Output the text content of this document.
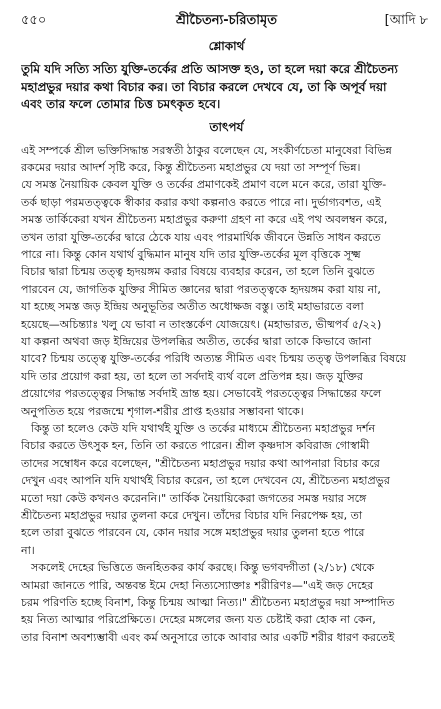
৫৫০	শ্রীচৈতন্য-চরিতামৃত	[আদি ৮
শ্লোকার্থ
তুমি যদি সত্যি সত্যি যুক্তি-তর্কের প্রতি আসক্ত হও, তা হলে দয়া করে শ্রীচৈতন্য
মহাপ্রভুর দয়ার কথা বিচার কর। তা বিচার করলে দেখবে যে, তা কি অপূর্ব দয়া
এবং তার ফলে তোমার চিত্ত চমৎকৃত হবে।
তাৎপর্য
এই সম্পর্কে শ্রীল ভক্তিসিদ্ধান্ত সরস্বতী ঠাকুর বলেছেন যে, সংকীর্ণচেতা মানুষেরা বিভিন্ন
রকমের দয়ার আদর্শ সৃষ্টি করে, কিন্তু শ্রীচৈতন্য মহাপ্রভুর যে দয়া তা সম্পূর্ণ ভিন্ন।
যে সমস্ত নৈয়ায়িক কেবল যুক্তি ও তর্কের প্রমাণকেই প্রমাণ বলে মনে করে, তারা যুক্তি-
তর্ক ছাড়া পরমতত্ত্বকে স্বীকার করার কথা কল্পনাও করতে পারে না। দুর্ভাগ্যবশত, এই
সমস্ত তার্কিকেরা যখন শ্রীচৈতন্য মহাপ্রভুর করুণা গ্রহণ না করে এই পথ অবলম্বন করে,
তখন তারা যুক্তি-তর্কের দ্বারে ঠেকে যায় এবং পারমার্থিক জীবনে উন্নতি সাধন করতে
পারে না। কিন্তু কোন যথার্থ বুদ্ধিমান মানুষ যদি তার যুক্তি-তর্কের মূল বৃত্তিকে সূক্ষ্ম
বিচার দ্বারা চিন্ময় তত্ত্ব হৃদয়ঙ্গম করার বিষয়ে ব্যবহার করেন, তা হলে তিনি বুঝতে
পারবেন যে, জাগতিক যুক্তির সীমিত জ্ঞানের দ্বারা পরতত্ত্বকে হৃদয়ঙ্গম করা যায় না,
যা হচ্ছে সমস্ত জড় ইন্দ্রিয় অনুভূতির অতীত অধোক্ষজ বস্তু। তাই মহাভারতে বলা
হয়েছে—অচিন্ত্যাঃ খলু যে ভাবা ন তাংস্তর্কেণ যোজয়েৎ। (মহাভারত, ভীষ্মপর্ব ৫/২২)
যা কল্পনা অথবা জড় ইন্দ্রিয়ের উপলব্ধির অতীত, তর্কের দ্বারা তাকে কিভাবে জানা
যাবে? চিন্ময় তত্ত্বে যুক্তি-তর্কের পরিধি অত্যন্ত সীমিত এবং চিন্ময় তত্ত্ব উপলব্ধির বিষয়ে
যদি তার প্রয়োগ করা হয়, তা হলে তা সর্বদাই ব্যর্থ বলে প্রতিপন্ন হয়। জড় যুক্তির
প্রয়োগের পরতত্ত্বের সিদ্ধান্ত সর্বদাই ভ্রান্ত হয়। সেভাবেই পরতত্ত্বের সিদ্ধান্তের ফলে
অনুপতিত হয়ে পরজন্মে শৃগাল-শরীর প্রাপ্ত হওয়ার সম্ভাবনা থাকে।
কিন্তু তা হলেও কেউ যদি যথার্থই যুক্তি ও তর্কের মাধ্যমে শ্রীচৈতন্য মহাপ্রভুর দর্শন
বিচার করতে উৎসুক হন, তিনি তা করতে পারেন। শ্রীল কৃষ্ণদাস কবিরাজ গোস্বামী
তাদের সম্বোধন করে বলেছেন, "শ্রীচৈতন্য মহাপ্রভুর দয়ার কথা আপনারা বিচার করে
দেখুন এবং আপনি যদি যথার্থই বিচার করেন, তা হলে দেখবেন যে, শ্রীচৈতন্য মহাপ্রভুর
মতো দয়া কেউ কখনও করেননি।" তার্কিক নৈয়ায়িকেরা জগতের সমস্ত দয়ার সঙ্গে
শ্রীচৈতন্য মহাপ্রভুর দয়ার তুলনা করে দেখুন। তাঁদের বিচার যদি নিরপেক্ষ হয়, তা
হলে তারা বুঝতে পারবেন যে, কোন দয়ার সঙ্গে মহাপ্রভুর দয়ার তুলনা হতে পারে
না।
সকলেই দেহের ভিত্তিতে জনহিতকর কার্য করছে। কিন্তু ভগবদ্গীতা (২/১৮) থেকে
আমরা জানতে পারি, অন্তবন্ত ইমে দেহা নিত্যস্যোক্তাঃ শরীরিণঃ—"এই জড় দেহের
চরম পরিণতি হচ্ছে বিনাশ, কিন্তু চিন্ময় আত্মা নিত্য।" শ্রীচৈতন্য মহাপ্রভুর দয়া সম্পাদিত
হয় নিত্য আত্মার পরিপ্রেক্ষিতে। দেহের মঙ্গলের জন্য যত চেষ্টাই করা হোক না কেন,
তার বিনাশ অবশ্যম্ভাবী এবং কর্ম অনুসারে তাকে আবার আর একটি শরীর ধারণ করতেই
